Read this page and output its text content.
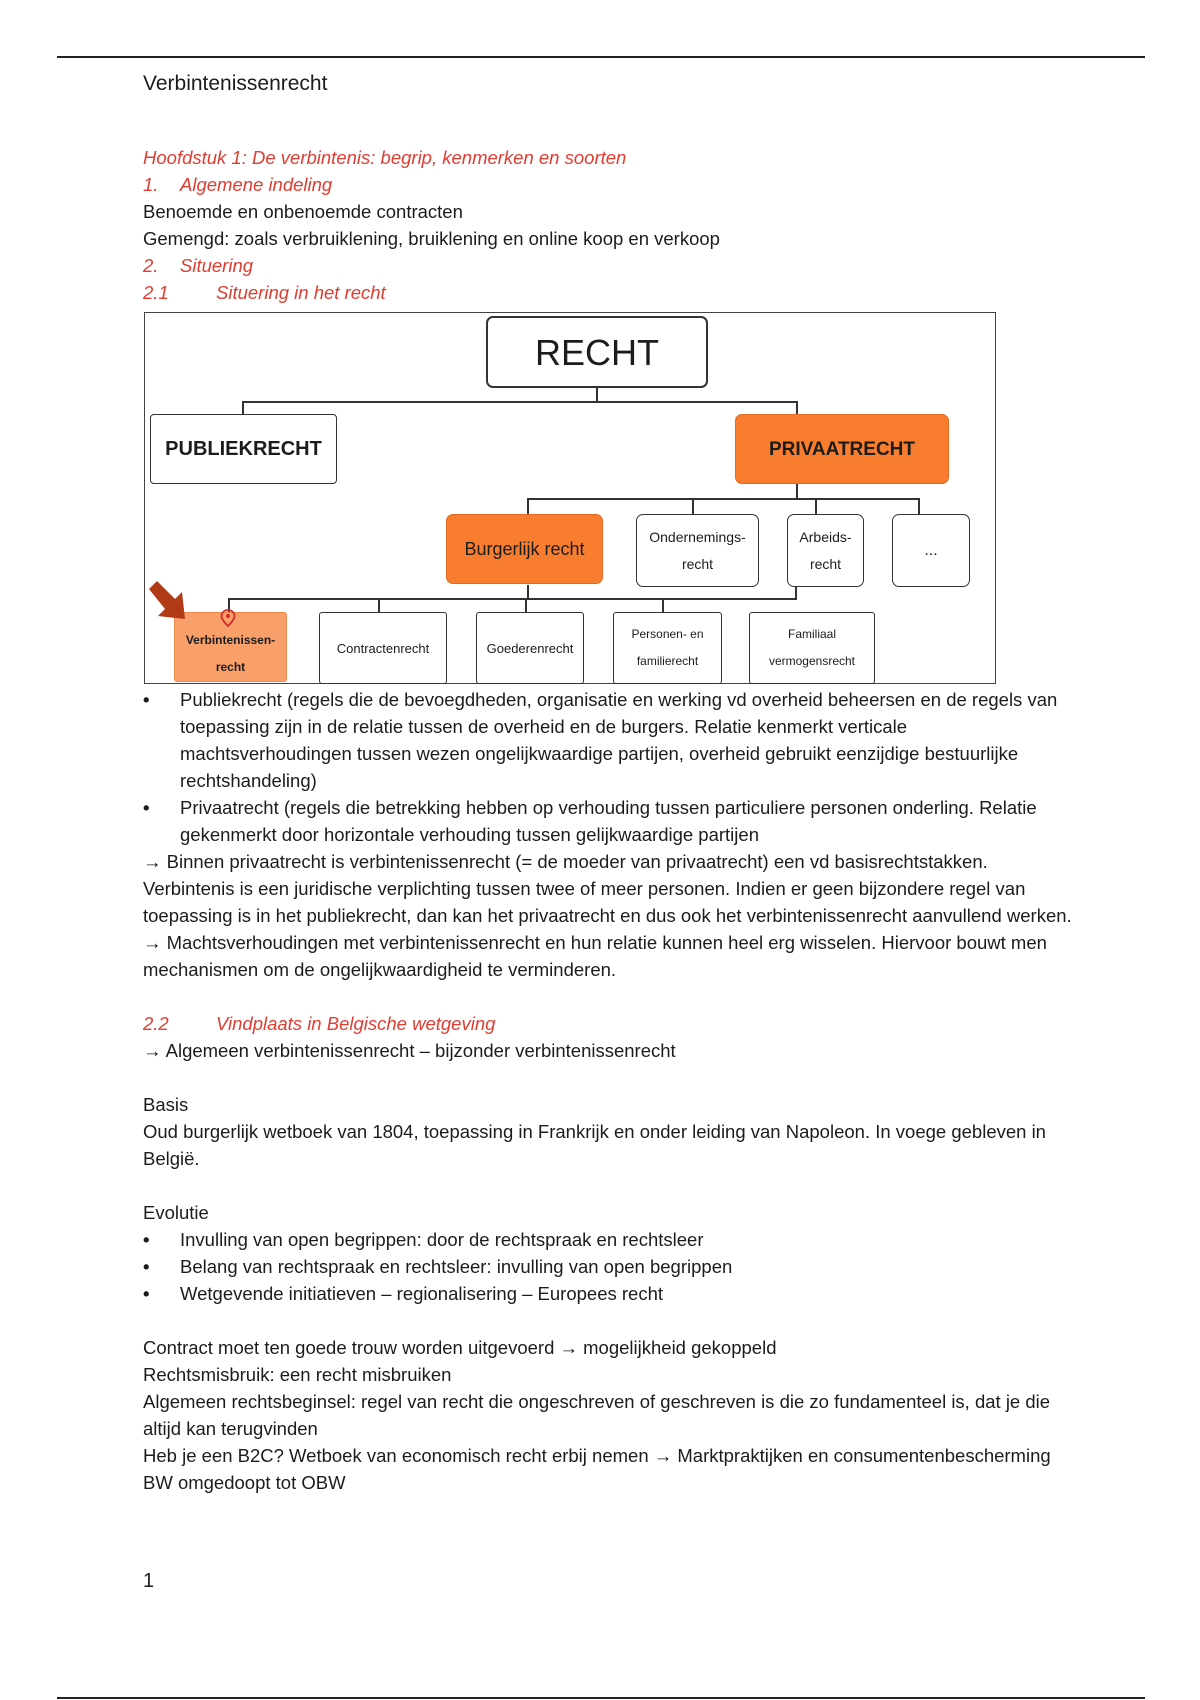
Verbintenissenrecht
Hoofdstuk 1: De verbintenis: begrip, kenmerken en soorten
1. Algemene indeling
Benoemde en onbenoemde contracten
Gemengd: zoals verbruiklening, bruiklening en online koop en verkoop
2. Situering
2.1	Situering in het recht
RECHT
PUBLIEKRECHT	PRIVAATRECHT
Burgerlijk recht
Ondernemings-recht
Arbeids-recht
...
Verbintenissen-recht
Contractenrecht	Goederenrecht
Personen- en familierecht
Familiaal vermogensrecht
• Publiekrecht (regels die de bevoegdheden, organisatie en werking vd overheid beheersen en de regels van toepassing zijn in de relatie tussen de overheid en de burgers. Relatie kenmerkt verticale machtsverhoudingen tussen wezen ongelijkwaardige partijen, overheid gebruikt eenzijdige bestuurlijke rechtshandeling)
• Privaatrecht (regels die betrekking hebben op verhouding tussen particuliere personen onderling. Relatie gekenmerkt door horizontale verhouding tussen gelijkwaardige partijen
→ Binnen privaatrecht is verbintenissenrecht (= de moeder van privaatrecht) een vd basisrechtstakken. Verbintenis is een juridische verplichting tussen twee of meer personen. Indien er geen bijzondere regel van toepassing is in het publiekrecht, dan kan het privaatrecht en dus ook het verbintenissenrecht aanvullend werken.
→ Machtsverhoudingen met verbintenissenrecht en hun relatie kunnen heel erg wisselen. Hiervoor bouwt men mechanismen om de ongelijkwaardigheid te verminderen.
2.2	Vindplaats in Belgische wetgeving
→ Algemeen verbintenissenrecht – bijzonder verbintenissenrecht
Basis
Oud burgerlijk wetboek van 1804, toepassing in Frankrijk en onder leiding van Napoleon. In voege gebleven in België.
Evolutie
• Invulling van open begrippen: door de rechtspraak en rechtsleer
• Belang van rechtspraak en rechtsleer: invulling van open begrippen
• Wetgevende initiatieven – regionalisering – Europees recht
Contract moet ten goede trouw worden uitgevoerd → mogelijkheid gekoppeld
Rechtsmisbruik: een recht misbruiken
Algemeen rechtsbeginsel: regel van recht die ongeschreven of geschreven is die zo fundamenteel is, dat je die altijd kan terugvinden
Heb je een B2C? Wetboek van economisch recht erbij nemen → Marktpraktijken en consumentenbescherming
BW omgedoopt tot OBW
1
